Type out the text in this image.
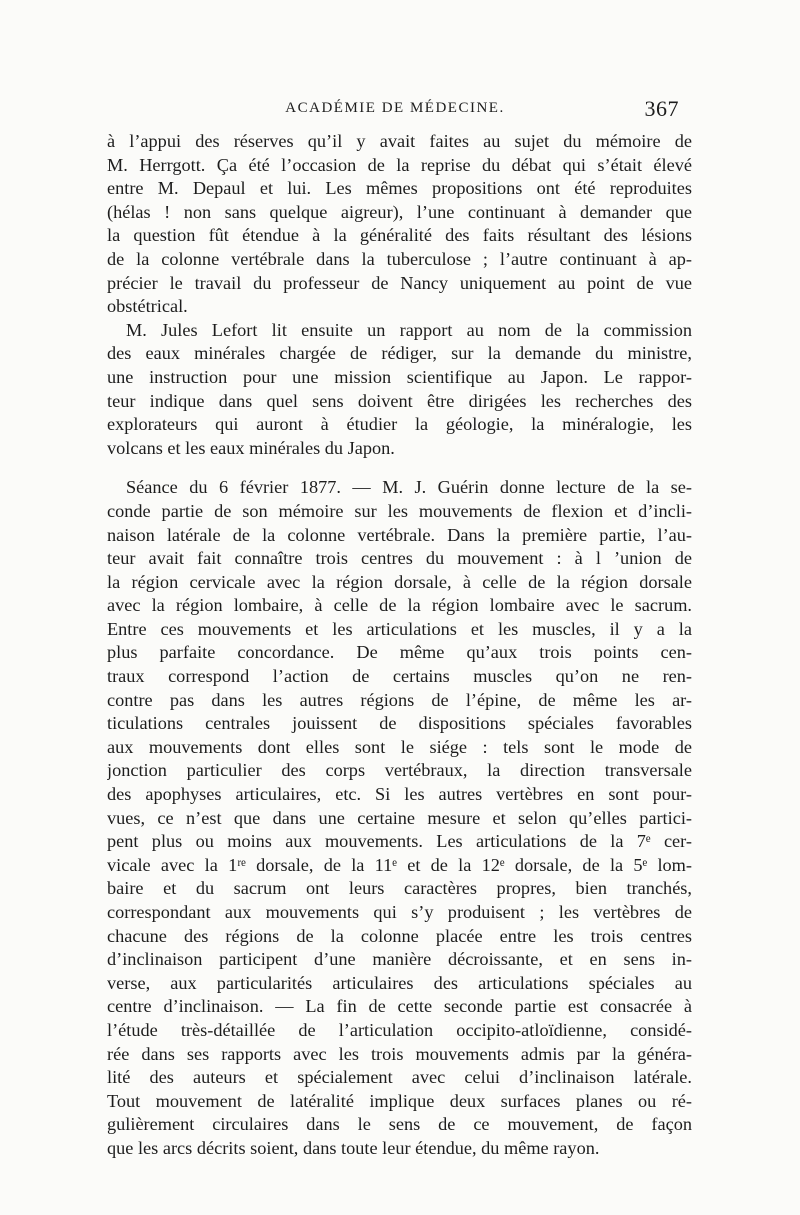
ACADÉMIE DE MÉDECINE.	367
à l’appui des réserves qu’il y avait faites au sujet du mémoire de
M. Herrgott. Ça été l’occasion de la reprise du débat qui s’était élevé
entre M. Depaul et lui. Les mêmes propositions ont été reproduites
(hélas ! non sans quelque aigreur), l’une continuant à demander que
la question fût étendue à la généralité des faits résultant des lésions
de la colonne vertébrale dans la tuberculose ; l’autre continuant à ap-
précier le travail du professeur de Nancy uniquement au point de vue
obstétrical.
M. Jules Lefort lit ensuite un rapport au nom de la commission
des eaux minérales chargée de rédiger, sur la demande du ministre,
une instruction pour une mission scientifique au Japon. Le rappor-
teur indique dans quel sens doivent être dirigées les recherches des
explorateurs qui auront à étudier la géologie, la minéralogie, les
volcans et les eaux minérales du Japon.
Séance du 6 février 1877. — M. J. Guérin donne lecture de la se-
conde partie de son mémoire sur les mouvements de flexion et d’incli-
naison latérale de la colonne vertébrale. Dans la première partie, l’au-
teur avait fait connaître trois centres du mouvement : à l ’union de
la région cervicale avec la région dorsale, à celle de la région dorsale
avec la région lombaire, à celle de la région lombaire avec le sacrum.
Entre ces mouvements et les articulations et les muscles, il y a la
plus parfaite concordance. De même qu’aux trois points cen-
traux correspond l’action de certains muscles qu’on ne ren-
contre pas dans les autres régions de l’épine, de même les ar-
ticulations centrales jouissent de dispositions spéciales favorables
aux mouvements dont elles sont le siége : tels sont le mode de
jonction particulier des corps vertébraux, la direction transversale
des apophyses articulaires, etc. Si les autres vertèbres en sont pour-
vues, ce n’est que dans une certaine mesure et selon qu’elles partici-
pent plus ou moins aux mouvements. Les articulations de la 7ᵉ cer-
vicale avec la 1ʳᵉ dorsale, de la 11ᵉ et de la 12ᵉ dorsale, de la 5ᵉ lom-
baire et du sacrum ont leurs caractères propres, bien tranchés,
correspondant aux mouvements qui s’y produisent ; les vertèbres de
chacune des régions de la colonne placée entre les trois centres
d’inclinaison participent d’une manière décroissante, et en sens in-
verse, aux particularités articulaires des articulations spéciales au
centre d’inclinaison. — La fin de cette seconde partie est consacrée à
l’étude très-détaillée de l’articulation occipito-atloïdienne, considé-
rée dans ses rapports avec les trois mouvements admis par la généra-
lité des auteurs et spécialement avec celui d’inclinaison latérale.
Tout mouvement de latéralité implique deux surfaces planes ou ré-
gulièrement circulaires dans le sens de ce mouvement, de façon
que les arcs décrits soient, dans toute leur étendue, du même rayon.
